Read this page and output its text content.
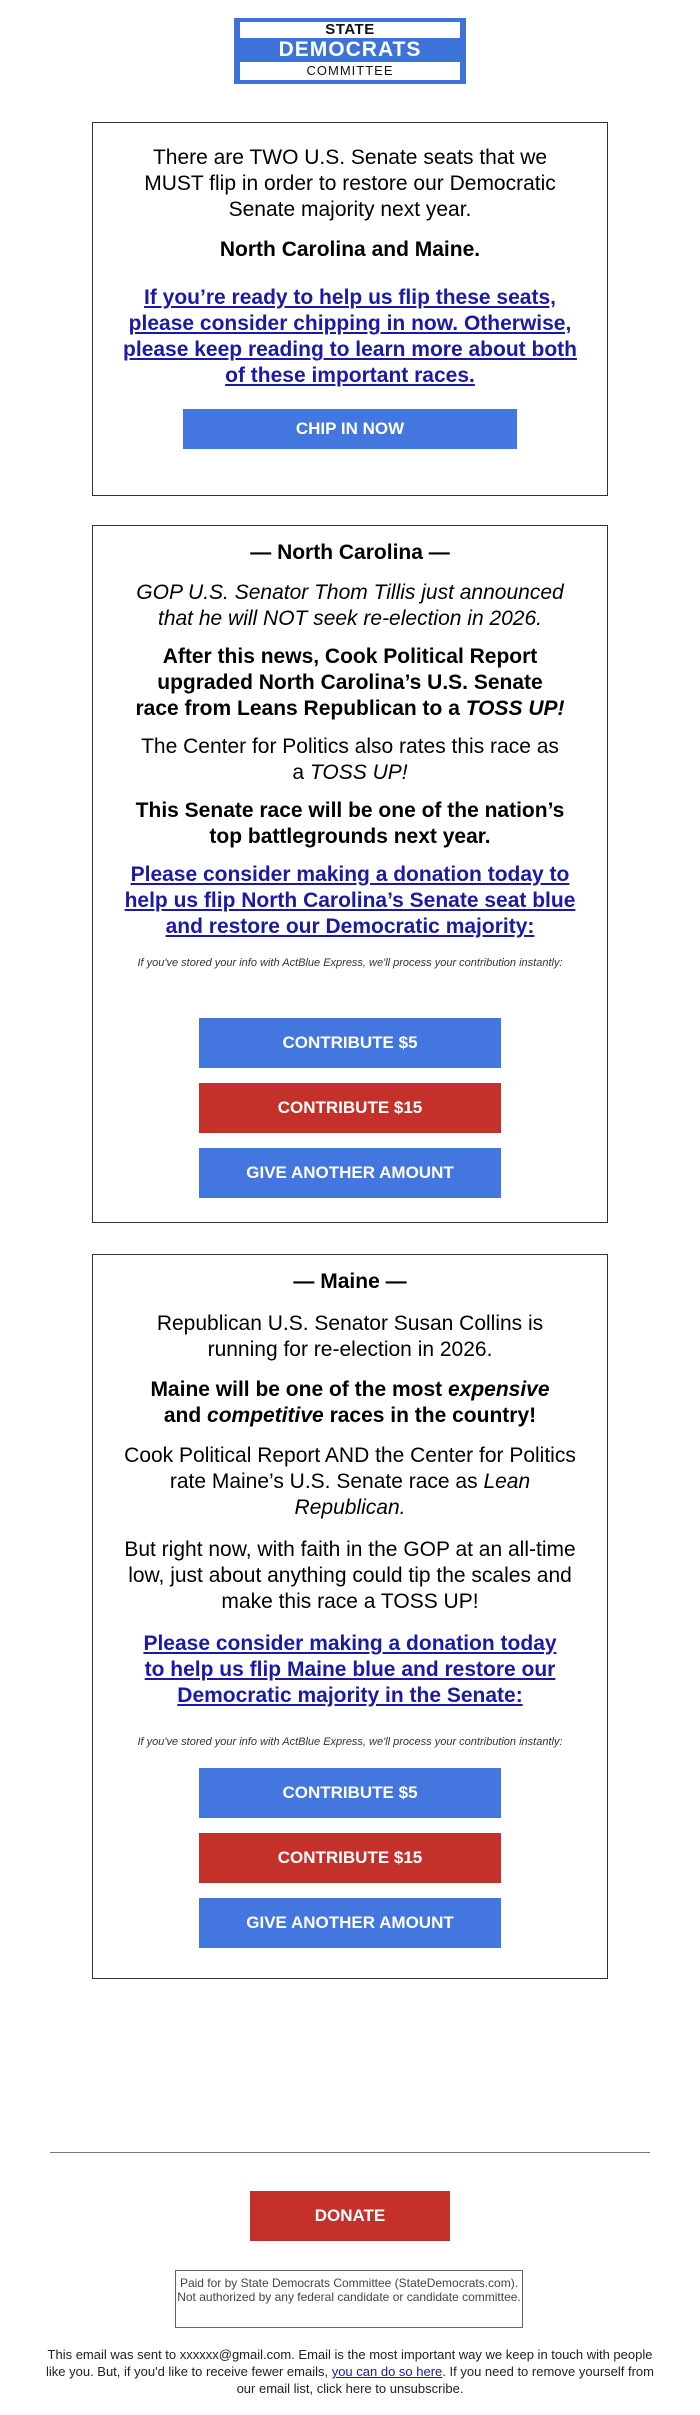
STATE
DEMOCRATS
COMMITTEE

There are TWO U.S. Senate seats that we MUST flip in order to restore our Democratic Senate majority next year.

North Carolina and Maine.

If you’re ready to help us flip these seats, please consider chipping in now. Otherwise, please keep reading to learn more about both of these important races.
CHIP IN NOW

— North Carolina —

GOP U.S. Senator Thom Tillis just announced that he will NOT seek re-election in 2026.

After this news, Cook Political Report upgraded North Carolina’s U.S. Senate race from Leans Republican to a TOSS UP!

The Center for Politics also rates this race as a TOSS UP!

This Senate race will be one of the nation’s top battlegrounds next year.

Please consider making a donation today to help us flip North Carolina’s Senate seat blue and restore our Democratic majority:

If you've stored your info with ActBlue Express, we'll process your contribution instantly:

CONTRIBUTE $5
CONTRIBUTE $15
GIVE ANOTHER AMOUNT

— Maine —

Republican U.S. Senator Susan Collins is running for re-election in 2026.

Maine will be one of the most expensive and competitive races in the country!

Cook Political Report AND the Center for Politics rate Maine’s U.S. Senate race as Lean Republican.

But right now, with faith in the GOP at an all-time low, just about anything could tip the scales and make this race a TOSS UP!

Please consider making a donation today to help us flip Maine blue and restore our Democratic majority in the Senate:

If you've stored your info with ActBlue Express, we'll process your contribution instantly:

CONTRIBUTE $5
CONTRIBUTE $15
GIVE ANOTHER AMOUNT
DONATE
Paid for by State Democrats Committee (StateDemocrats.com). Not authorized by any federal candidate or candidate committee.
This email was sent to xxxxxx@gmail.com. Email is the most important way we keep in touch with people like you. But, if you'd like to receive fewer emails, you can do so here. If you need to remove yourself from our email list, click here to unsubscribe.
